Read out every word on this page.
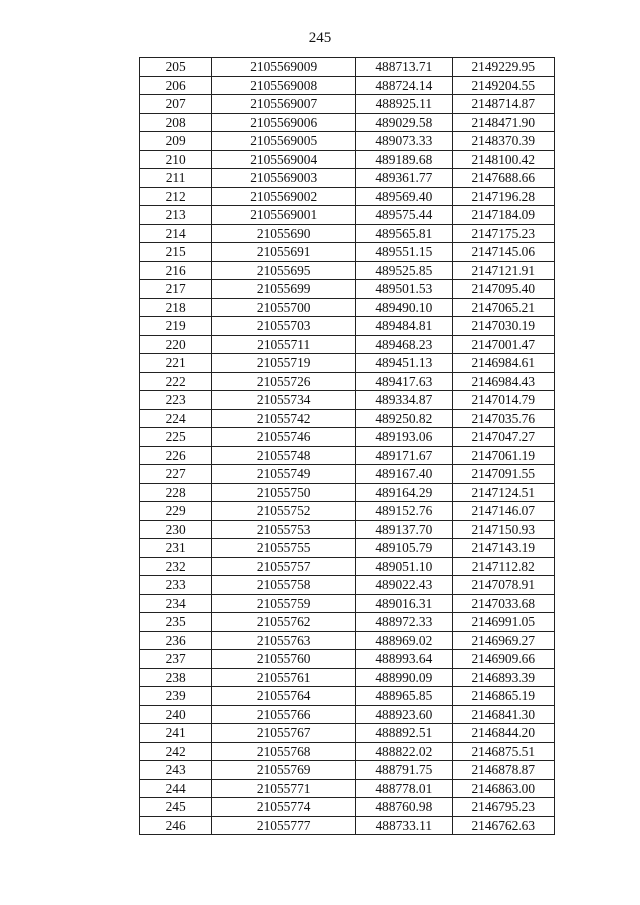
245
205	2105569009	488713.71	2149229.95
206	2105569008	488724.14	2149204.55
207	2105569007	488925.11	2148714.87
208	2105569006	489029.58	2148471.90
209	2105569005	489073.33	2148370.39
210	2105569004	489189.68	2148100.42
211	2105569003	489361.77	2147688.66
212	2105569002	489569.40	2147196.28
213	2105569001	489575.44	2147184.09
214	21055690	489565.81	2147175.23
215	21055691	489551.15	2147145.06
216	21055695	489525.85	2147121.91
217	21055699	489501.53	2147095.40
218	21055700	489490.10	2147065.21
219	21055703	489484.81	2147030.19
220	21055711	489468.23	2147001.47
221	21055719	489451.13	2146984.61
222	21055726	489417.63	2146984.43
223	21055734	489334.87	2147014.79
224	21055742	489250.82	2147035.76
225	21055746	489193.06	2147047.27
226	21055748	489171.67	2147061.19
227	21055749	489167.40	2147091.55
228	21055750	489164.29	2147124.51
229	21055752	489152.76	2147146.07
230	21055753	489137.70	2147150.93
231	21055755	489105.79	2147143.19
232	21055757	489051.10	2147112.82
233	21055758	489022.43	2147078.91
234	21055759	489016.31	2147033.68
235	21055762	488972.33	2146991.05
236	21055763	488969.02	2146969.27
237	21055760	488993.64	2146909.66
238	21055761	488990.09	2146893.39
239	21055764	488965.85	2146865.19
240	21055766	488923.60	2146841.30
241	21055767	488892.51	2146844.20
242	21055768	488822.02	2146875.51
243	21055769	488791.75	2146878.87
244	21055771	488778.01	2146863.00
245	21055774	488760.98	2146795.23
246	21055777	488733.11	2146762.63
